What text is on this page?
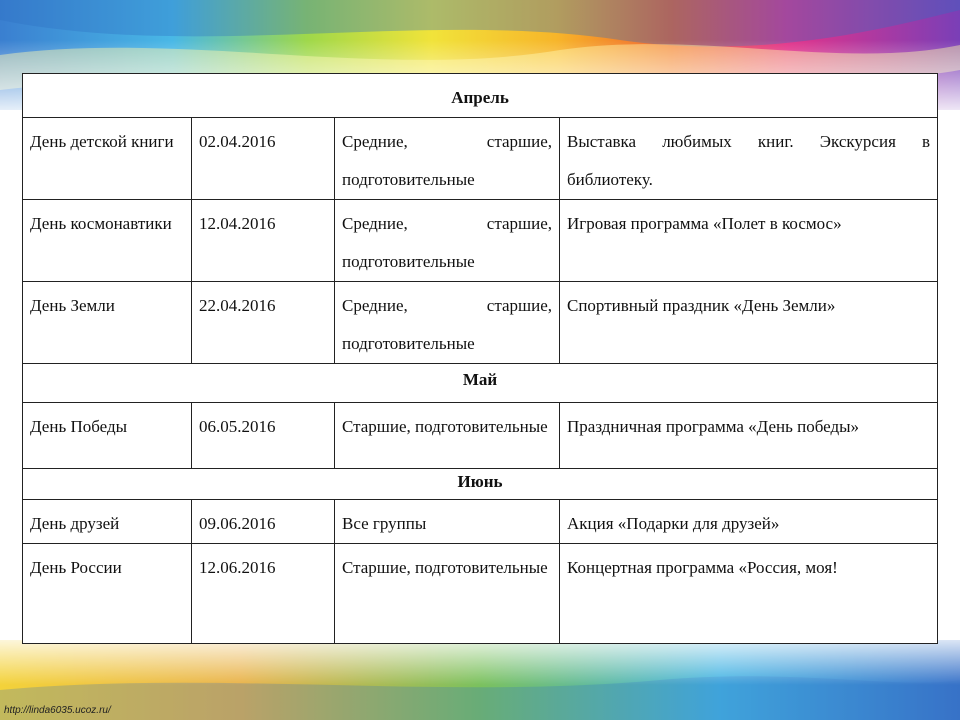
Апрель			
День детской книги	02.04.2016	Средние, старшие, подготовительные	Выставка любимых книг. Экскурсия в библиотеку.
День космонавтики	12.04.2016	Средние, старшие, подготовительные	Игровая программа «Полет в космос»
День Земли	22.04.2016	Средние, старшие, подготовительные	Спортивный праздник «День Земли»
Май			
День Победы	06.05.2016	Старшие, подготовительные	Праздничная программа «День победы»
Июнь			
День друзей	09.06.2016	Все группы	Акция «Подарки для друзей»
День России	12.06.2016	Старшие, подготовительные	Концертная программа «Россия, моя!
http://linda6035.ucoz.ru/
